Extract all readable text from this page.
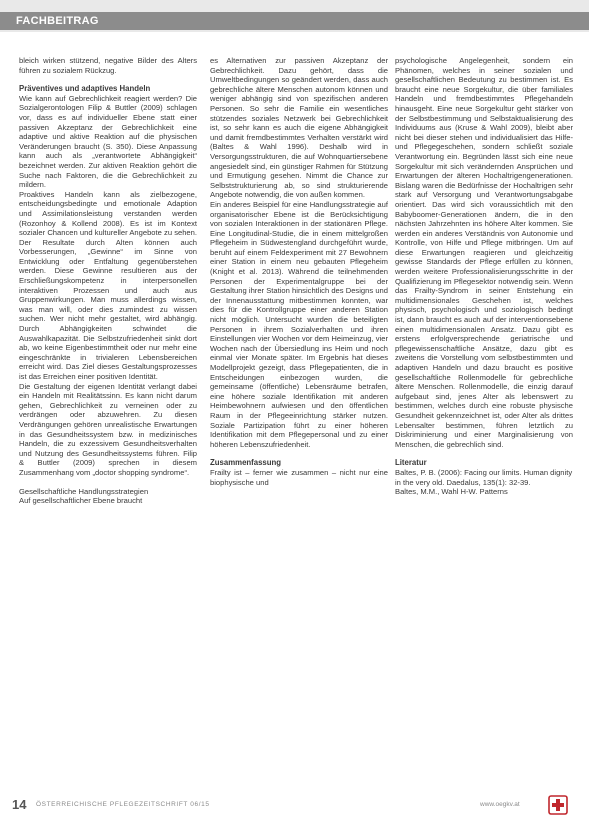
FACHBEITRAG

bleich wirken stützend, negative Bilder des Alters führen zu sozialem Rückzug.

Präventives und adaptives Handeln

Wie kann auf Gebrechlichkeit reagiert werden? Die Sozialgerontologen Filip & Buttler (2009) schlagen vor, dass es auf individueller Ebene statt einer passiven Akzeptanz der Gebrechlichkeit eine adaptive und aktive Reaktion auf die physischen Veränderungen braucht (S. 350). Diese Anpassung kann auch als „verantwortete Abhängigkeit“ bezeichnet werden. Zur aktiven Reaktion gehört die Suche nach Faktoren, die die Gebrechlichkeit zu mildern.

Proaktives Handeln kann als zielbezogene, entscheidungsbedingte und emotionale Adaption und Assimilationsleistung verstanden werden (Rozonhoy & Kollend 2008). Es ist im Kontext sozialer Chancen und kultureller Angebote zu sehen. Der Resultate durch Alten können auch Vorbesserungen, „Gewinne“ im Sinne von Entwicklung oder Entfaltung gegenüberstehen werden. Diese Gewinne resultieren aus der Erschließungskompetenz in interpersonellen interaktiven Prozessen und auch aus Gruppenwirkungen. Man muss allerdings wissen, was man will, oder dies zumindest zu wissen suchen. Wer nicht mehr gestaltet, wird abhängig. Durch Abhängigkeiten schwindet die Auswahlkapazität. Die Selbstzufriedenheit sinkt dort ab, wo keine Eigenbestimmtheit oder nur mehr eine eingeschränkte in trivialeren Lebensbereichen erreicht wird. Das Ziel dieses Gestaltungsprozesses ist das Erreichen einer positiven Identität.

Die Gestaltung der eigenen Identität verlangt dabei ein Handeln mit Realitätssinn. Es kann nicht darum gehen, Gebrechlichkeit zu verneinen oder zu verdrängen oder abzuwehren. Zu diesen Verdrängungen gehören unrealistische Erwartungen in das Gesundheitssystem bzw. in medizinisches Handeln, die zu exzessivem Gesundheitsverhalten und Nutzung des Gesundheitssystems führen. Filip & Buttler (2009) sprechen in diesem Zusammenhang vom „doctor shopping syndrome“.

Gesellschaftliche Handlungsstrategien

Auf gesellschaftlicher Ebene braucht

es Alternativen zur passiven Akzeptanz der Gebrechlichkeit. Dazu gehört, dass die Umweltbedingungen so geändert werden, dass auch gebrechliche ältere Menschen autonom können und weniger abhängig sind von spezifischen anderen Personen. So sehr die Familie ein wesentliches stützendes soziales Netzwerk bei Gebrechlichkeit ist, so sehr kann es auch die eigene Abhängigkeit und damit fremdbestimmtes Verhalten verstärkt wird (Baltes & Wahl 1996). Deshalb wird in Versorgungsstrukturen, die auf Wohnquartiersebene angesiedelt sind, ein günstiger Rahmen für Stützung und Ermutigung gesehen. Nimmt die Chance zur Selbststrukturierung ab, so sind strukturierende Angebote notwendig, die von außen kommen.

Ein anderes Beispiel für eine Handlungsstrategie auf organisatorischer Ebene ist die Berücksichtigung von sozialen Interaktionen in der stationären Pflege. Eine Longitudinal-Studie, die in einem mittelgroßen Pflegeheim in Südwestengland durchgeführt wurde, beruht auf einem Feldexperiment mit 27 Bewohnern einer Station in einem neu gebauten Pflegeheim (Knight et al. 2013). Während die teilnehmenden Personen der Experimentalgruppe bei der Gestaltung ihrer Station hinsichtlich des Designs und der Innenausstattung mitbestimmen konnten, war dies für die Kontrollgruppe einer anderen Station nicht möglich. Untersucht wurden die beteiligten Personen in ihrem Sozialverhalten und ihren Einstellungen vier Wochen vor dem Heimeinzug, vier Wochen nach der Übersiedlung ins Heim und noch einmal vier Monate später. Im Ergebnis hat dieses Modellprojekt gezeigt, dass Pflegepatienten, die in Entscheidungen einbezogen wurden, die gemeinsame (öffentliche) Lebensräume betrafen, eine höhere soziale Identifikation mit anderen Heimbewohnern aufwiesen und den öffentlichen Raum in der Pflegeeinrichtung stärker nutzen. Soziale Partizipation führt zu einer höheren Identifikation mit dem Pflegepersonal und zu einer höheren Lebenszufriedenheit.

Zusammenfassung

Frailty ist – ferner wie zusammen – nicht nur eine biophysische und

psychologische Angelegenheit, sondern ein Phänomen, welches in seiner sozialen und gesellschaftlichen Bedeutung zu bestimmen ist. Es braucht eine neue Sorgekultur, die über familiales Handeln und fremdbestimmtes Pflegehandeln hinausgeht. Eine neue Sorgekultur geht stärker von der Selbstbestimmung und Selbstaktualisierung des Individuums aus (Kruse & Wahl 2009), bleibt aber nicht bei dieser stehen und individualisiert das Hilfe- und Pflegegeschehen, sondern schließt soziale Verantwortung ein. Begründen lässt sich eine neue Sorgekultur mit sich verändernden Ansprüchen und Erwartungen der älteren Hochaltrigengenerationen. Bislang waren die Bedürfnisse der Hochaltrigen sehr stark auf Versorgung und Verantwortungsabgabe orientiert. Das wird sich voraussichtlich mit den Babyboomer-Generationen ändern, die in den nächsten Jahrzehnten ins höhere Alter kommen. Sie werden ein anderes Verständnis von Autonomie und Kontrolle, von Hilfe und Pflege mitbringen. Um auf diese Erwartungen reagieren und gleichzeitig gewisse Standards der Pflege erfüllen zu können, werden weitere Professionalisierungsschritte in der Qualifizierung im Pflegesektor notwendig sein. Wenn das Frailty-Syndrom in seiner Entstehung ein multidimensionales Geschehen ist, welches physisch, psychologisch und soziologisch bedingt ist, dann braucht es auch auf der interventionsebene einen multidimensionalen Ansatz. Dazu gibt es erstens erfolgversprechende geriatrische und pflegewissenschaftliche Ansätze, dazu gibt es zweitens die Vorstellung vom selbstbestimmten und adaptiven Handeln und dazu braucht es positive gesellschaftliche Rollenmodelle für gebrechliche ältere Menschen. Rollenmodelle, die einzig darauf aufgebaut sind, jenes Alter als lebenswert zu bestimmen, welches durch eine robuste physische Gesundheit gekennzeichnet ist, oder Alter als drittes Lebensalter bestimmen, führen letztlich zu Diskriminierung und einer Marginalisierung von Menschen, die gebrechlich sind.

Literatur

Baltes, P. B. (2006): Facing our limits. Human dignity in the very old. Daedalus, 135(1): 32-39.

Baltes, M.M., Wahl H-W. Patterns

14 ÖSTERREICHISCHE PFLEGEZEITSCHRIFT 06/15	www.oegkv.at
